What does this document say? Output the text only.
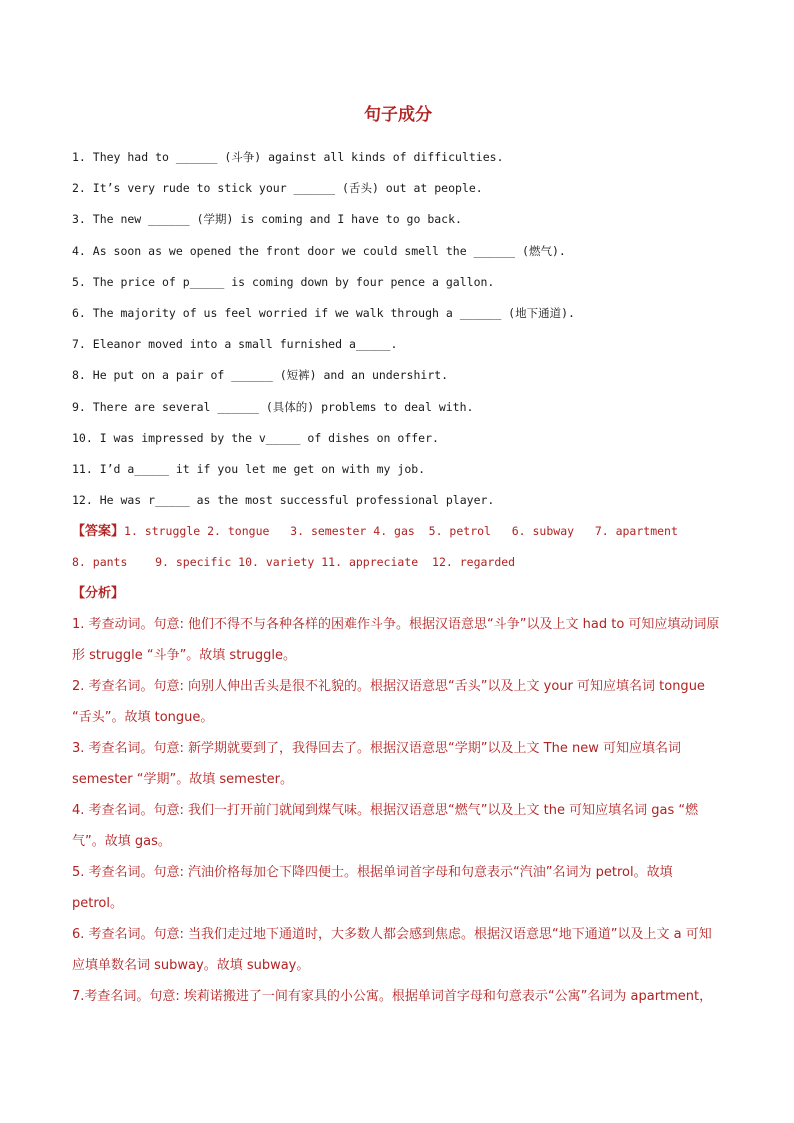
句子成分
1. They had to ______ (斗争) against all kinds of difficulties.
2. It’s very rude to stick your ______ (舌头) out at people.
3. The new ______ (学期) is coming and I have to go back.
4. As soon as we opened the front door we could smell the ______ (燃气).
5. The price of p_____ is coming down by four pence a gallon.
6. The majority of us feel worried if we walk through a ______ (地下通道).
7. Eleanor moved into a small furnished a_____.
8. He put on a pair of ______ (短裤) and an undershirt.
9. There are several ______ (具体的) problems to deal with.
10. I was impressed by the v_____ of dishes on offer.
11. I’d a_____ it if you let me get on with my job.
12. He was r_____ as the most successful professional player.
【答案】1. struggle 2. tongue   3. semester 4. gas  5. petrol   6. subway   7. apartment
8. pants    9. specific 10. variety 11. appreciate  12. regarded
【分析】
1. 考查动词。句意: 他们不得不与各种各样的困难作斗争。根据汉语意思“斗争”以及上文 had to 可知应填动词原形 struggle “斗争”。故填 struggle。
2. 考查名词。句意: 向别人伸出舌头是很不礼貌的。根据汉语意思“舌头”以及上文 your 可知应填名词 tongue “舌头”。故填 tongue。
3. 考查名词。句意: 新学期就要到了，我得回去了。根据汉语意思“学期”以及上文 The new 可知应填名词 semester “学期”。故填 semester。
4. 考查名词。句意: 我们一打开前门就闻到煤气味。根据汉语意思“燃气”以及上文 the 可知应填名词 gas “燃气”。故填 gas。
5. 考查名词。句意: 汽油价格每加仑下降四便士。根据单词首字母和句意表示“汽油”名词为 petrol。故填 petrol。
6. 考查名词。句意: 当我们走过地下通道时，大多数人都会感到焦虑。根据汉语意思“地下通道”以及上文 a 可知应填单数名词 subway。故填 subway。
7.考查名词。句意: 埃莉诺搬进了一间有家具的小公寓。根据单词首字母和句意表示“公寓”名词为 apartment，
